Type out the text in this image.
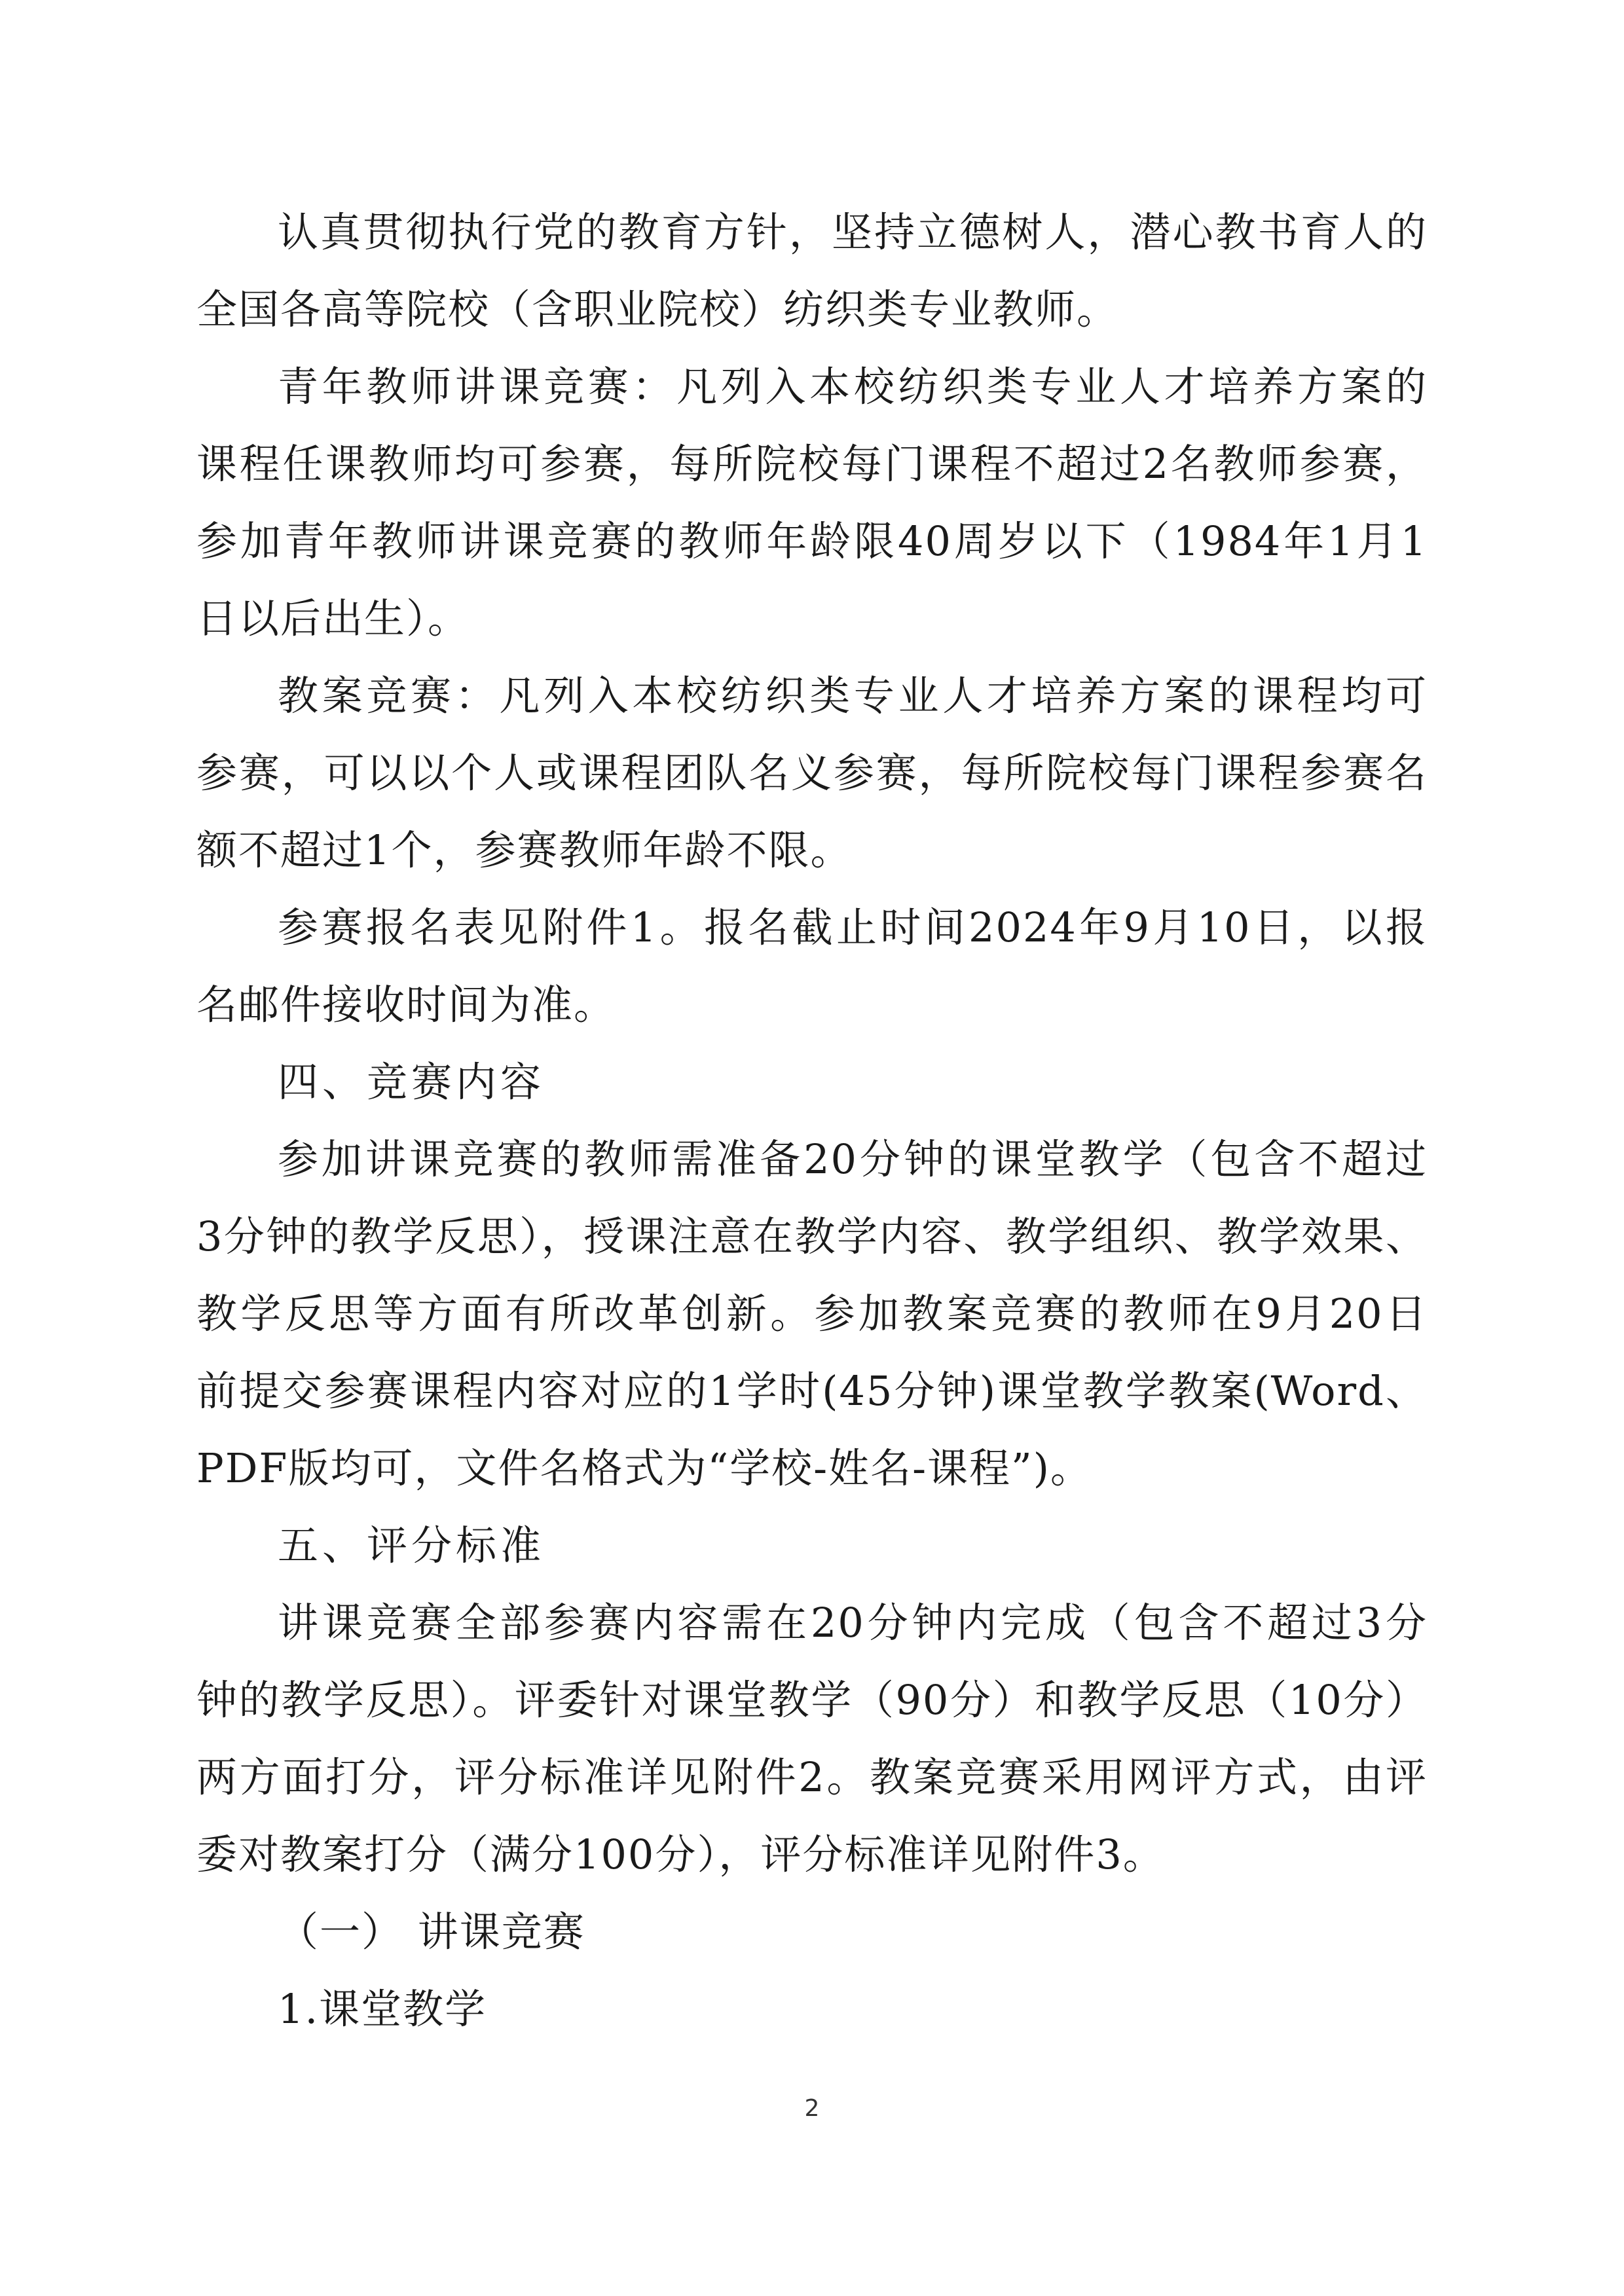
认真贯彻执行党的教育方针，坚持立德树人，潜心教书育人的
全国各高等院校（含职业院校）纺织类专业教师。
青年教师讲课竞赛：凡列入本校纺织类专业人才培养方案的
课程任课教师均可参赛，每所院校每门课程不超过2名教师参赛，
参加青年教师讲课竞赛的教师年龄限40周岁以下（1984年1月1
日以后出生）。
教案竞赛：凡列入本校纺织类专业人才培养方案的课程均可
参赛，可以以个人或课程团队名义参赛，每所院校每门课程参赛名
额不超过1个，参赛教师年龄不限。
参赛报名表见附件1。报名截止时间2024年9月10日，以报
名邮件接收时间为准。
四、竞赛内容
参加讲课竞赛的教师需准备20分钟的课堂教学（包含不超过
3分钟的教学反思），授课注意在教学内容、教学组织、教学效果、
教学反思等方面有所改革创新。参加教案竞赛的教师在9月20日
前提交参赛课程内容对应的1学时(45分钟)课堂教学教案(Word、
PDF版均可，文件名格式为“学校-姓名-课程”)。
五、评分标准
讲课竞赛全部参赛内容需在20分钟内完成（包含不超过3分
钟的教学反思）。评委针对课堂教学（90分）和教学反思（10分）
两方面打分，评分标准详见附件2。教案竞赛采用网评方式，由评
委对教案打分（满分100分），评分标准详见附件3。
（一） 讲课竞赛
1.课堂教学
2
